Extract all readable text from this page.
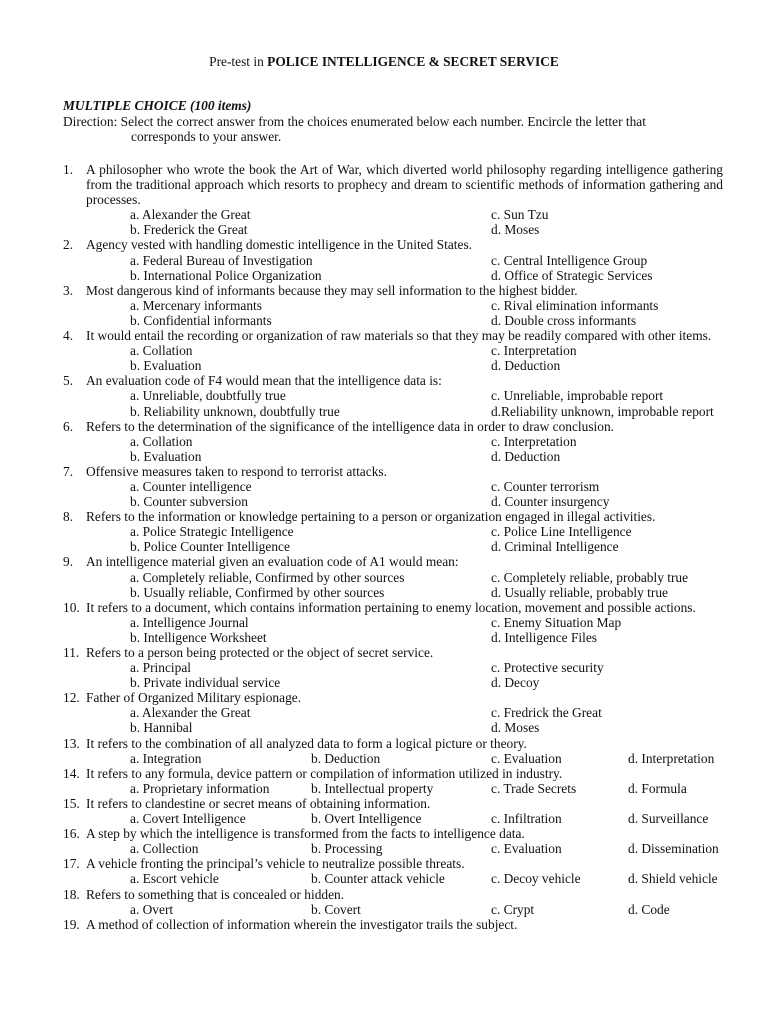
Pre-test in POLICE INTELLIGENCE & SECRET SERVICE
MULTIPLE CHOICE (100 items)
Direction: Select the correct answer from the choices enumerated below each number. Encircle the letter that
corresponds to your answer.
1. A philosopher who wrote the book the Art of War, which diverted world philosophy regarding intelligence gathering from the traditional approach which resorts to prophecy and dream to scientific methods of information gathering and processes.
a. Alexander the Great	c. Sun Tzu
b. Frederick the Great	d. Moses
2. Agency vested with handling domestic intelligence in the United States.
a. Federal Bureau of Investigation	c. Central Intelligence Group
b. International Police Organization	d. Office of Strategic Services
3. Most dangerous kind of informants because they may sell information to the highest bidder.
a. Mercenary informants	c. Rival elimination informants
b. Confidential informants	d. Double cross informants
4. It would entail the recording or organization of raw materials so that they may be readily compared with other items.
a. Collation	c. Interpretation
b. Evaluation	d. Deduction
5. An evaluation code of F4 would mean that the intelligence data is:
a. Unreliable, doubtfully true	c. Unreliable, improbable report
b. Reliability unknown, doubtfully true	d.Reliability unknown, improbable report
6. Refers to the determination of the significance of the intelligence data in order to draw conclusion.
a. Collation	c. Interpretation
b. Evaluation	d. Deduction
7. Offensive measures taken to respond to terrorist attacks.
a. Counter intelligence	c. Counter terrorism
b. Counter subversion	d. Counter insurgency
8. Refers to the information or knowledge pertaining to a person or organization engaged in illegal activities.
a. Police Strategic Intelligence	c. Police Line Intelligence
b. Police Counter Intelligence	d. Criminal Intelligence
9. An intelligence material given an evaluation code of A1 would mean:
a. Completely reliable, Confirmed by other sources	c. Completely reliable, probably true
b. Usually reliable, Confirmed by other sources	d. Usually reliable, probably true
10. It refers to a document, which contains information pertaining to enemy location, movement and possible actions.
a. Intelligence Journal	c. Enemy Situation Map
b. Intelligence Worksheet	d. Intelligence Files
11. Refers to a person being protected or the object of secret service.
a. Principal	c. Protective security
b. Private individual service	d. Decoy
12. Father of Organized Military espionage.
a. Alexander the Great	c. Fredrick the Great
b. Hannibal	d. Moses
13. It refers to the combination of all analyzed data to form a logical picture or theory.
a. Integration	b. Deduction	c. Evaluation	d. Interpretation
14. It refers to any formula, device pattern or compilation of information utilized in industry.
a. Proprietary information	b. Intellectual property	c. Trade Secrets	d. Formula
15. It refers to clandestine or secret means of obtaining information.
a. Covert Intelligence	b. Overt Intelligence	c. Infiltration	d. Surveillance
16. A step by which the intelligence is transformed from the facts to intelligence data.
a. Collection	b. Processing	c. Evaluation	d. Dissemination
17. A vehicle fronting the principal’s vehicle to neutralize possible threats.
a. Escort vehicle	b. Counter attack vehicle	c. Decoy vehicle	d. Shield vehicle
18. Refers to something that is concealed or hidden.
a. Overt	b. Covert	c. Crypt	d. Code
19. A method of collection of information wherein the investigator trails the subject.
